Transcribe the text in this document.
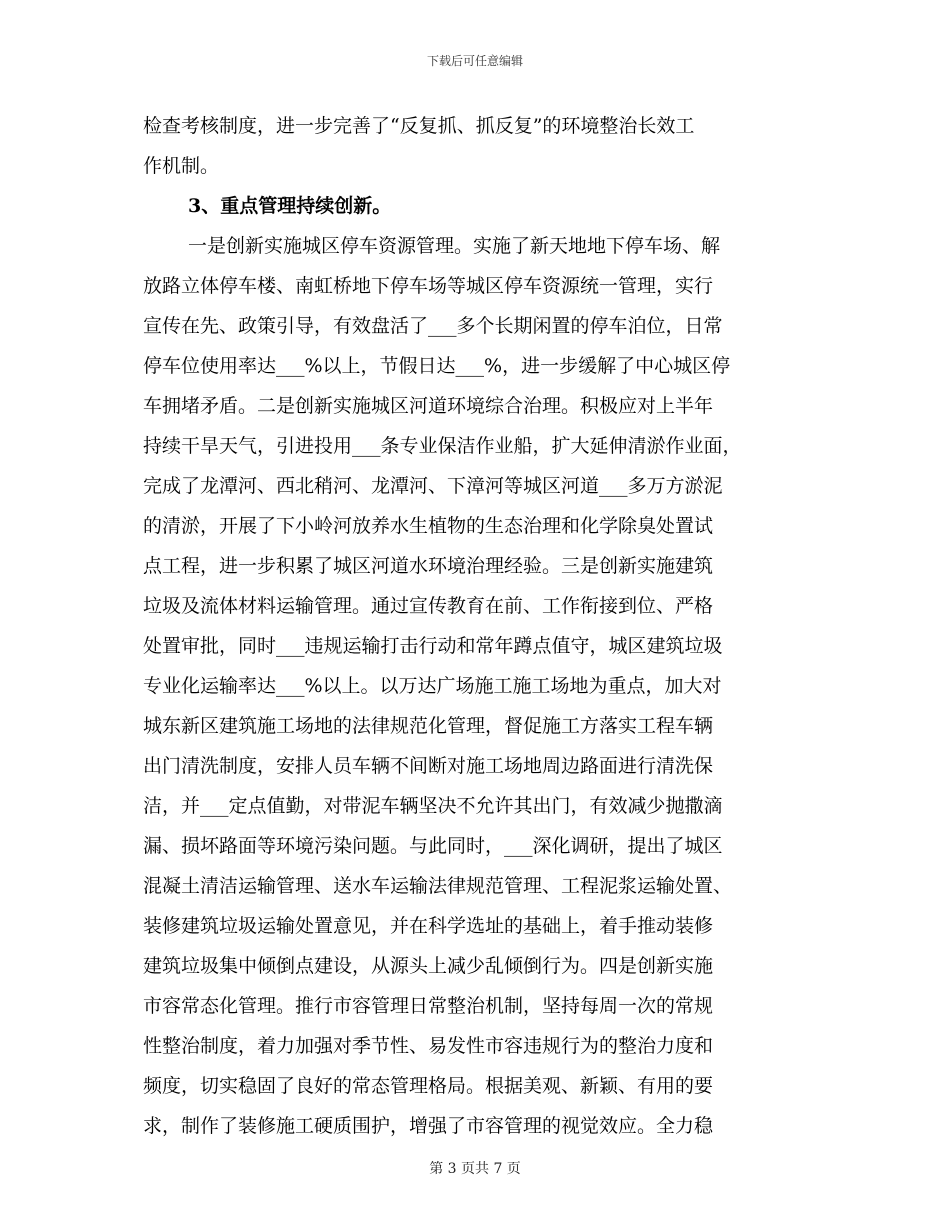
下载后可任意编辑
检查考核制度，进一步完善了“反复抓、抓反复”的环境整治长效工
作机制。
3、重点管理持续创新。
一是创新实施城区停车资源管理。实施了新天地地下停车场、解
放路立体停车楼、南虹桥地下停车场等城区停车资源统一管理，实行
宣传在先、政策引导，有效盘活了___多个长期闲置的停车泊位，日常
停车位使用率达___%以上，节假日达___%，进一步缓解了中心城区停
车拥堵矛盾。二是创新实施城区河道环境综合治理。积极应对上半年
持续干旱天气，引进投用___条专业保洁作业船，扩大延伸清淤作业面，
完成了龙潭河、西北稍河、龙潭河、下漳河等城区河道___多万方淤泥
的清淤，开展了下小岭河放养水生植物的生态治理和化学除臭处置试
点工程，进一步积累了城区河道水环境治理经验。三是创新实施建筑
垃圾及流体材料运输管理。通过宣传教育在前、工作衔接到位、严格
处置审批，同时___违规运输打击行动和常年蹲点值守，城区建筑垃圾
专业化运输率达___%以上。以万达广场施工施工场地为重点，加大对
城东新区建筑施工场地的法律规范化管理，督促施工方落实工程车辆
出门清洗制度，安排人员车辆不间断对施工场地周边路面进行清洗保
洁，并___定点值勤，对带泥车辆坚决不允许其出门，有效减少抛撒滴
漏、损坏路面等环境污染问题。与此同时，___深化调研，提出了城区
混凝土清洁运输管理、送水车运输法律规范管理、工程泥浆运输处置、
装修建筑垃圾运输处置意见，并在科学选址的基础上，着手推动装修
建筑垃圾集中倾倒点建设，从源头上减少乱倾倒行为。四是创新实施
市容常态化管理。推行市容管理日常整治机制，坚持每周一次的常规
性整治制度，着力加强对季节性、易发性市容违规行为的整治力度和
频度，切实稳固了良好的常态管理格局。根据美观、新颖、有用的要
求，制作了装修施工硬质围护，增强了市容管理的视觉效应。全力稳
第 3 页共 7 页
